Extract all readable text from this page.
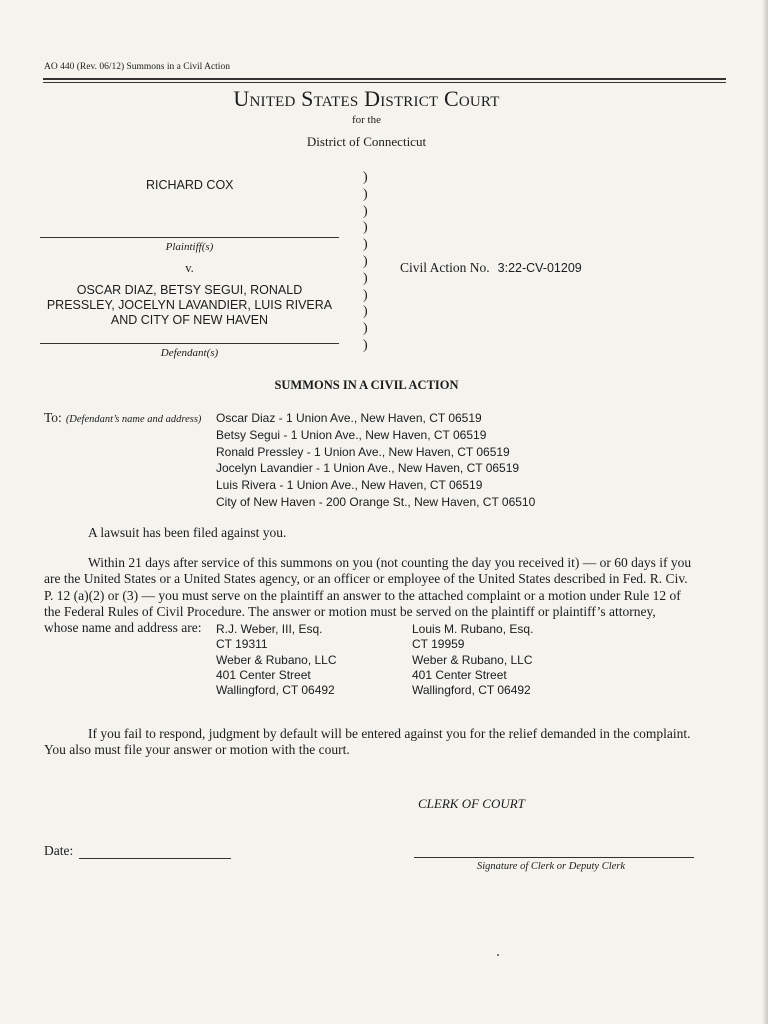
AO 440 (Rev. 06/12) Summons in a Civil Action
United States District Court
for the
District of Connecticut
RICHARD COX
Plaintiff(s)
v.
OSCAR DIAZ, BETSY SEGUI, RONALD
PRESSLEY, JOCELYN LAVANDIER, LUIS RIVERA
AND CITY OF NEW HAVEN
Defendant(s)
)
)
)
)
)
)
)
)
)
)
)
Civil Action No. 3:22-CV-01209
SUMMONS IN A CIVIL ACTION
To: (Defendant’s name and address) Oscar Diaz - 1 Union Ave., New Haven, CT 06519
Betsy Segui - 1 Union Ave., New Haven, CT 06519
Ronald Pressley - 1 Union Ave., New Haven, CT 06519
Jocelyn Lavandier - 1 Union Ave., New Haven, CT 06519
Luis Rivera - 1 Union Ave., New Haven, CT 06519
City of New Haven - 200 Orange St., New Haven, CT 06510
A lawsuit has been filed against you.
Within 21 days after service of this summons on you (not counting the day you received it) — or 60 days if you
are the United States or a United States agency, or an officer or employee of the United States described in Fed. R. Civ.
P. 12 (a)(2) or (3) — you must serve on the plaintiff an answer to the attached complaint or a motion under Rule 12 of
the Federal Rules of Civil Procedure. The answer or motion must be served on the plaintiff or plaintiff’s attorney,
whose name and address are: R.J. Weber, III, Esq.
CT 19311
Weber & Rubano, LLC
401 Center Street
Wallingford, CT 06492
Louis M. Rubano, Esq.
CT 19959
Weber & Rubano, LLC
401 Center Street
Wallingford, CT 06492
If you fail to respond, judgment by default will be entered against you for the relief demanded in the complaint.
You also must file your answer or motion with the court.
CLERK OF COURT
Date:
Signature of Clerk or Deputy Clerk
